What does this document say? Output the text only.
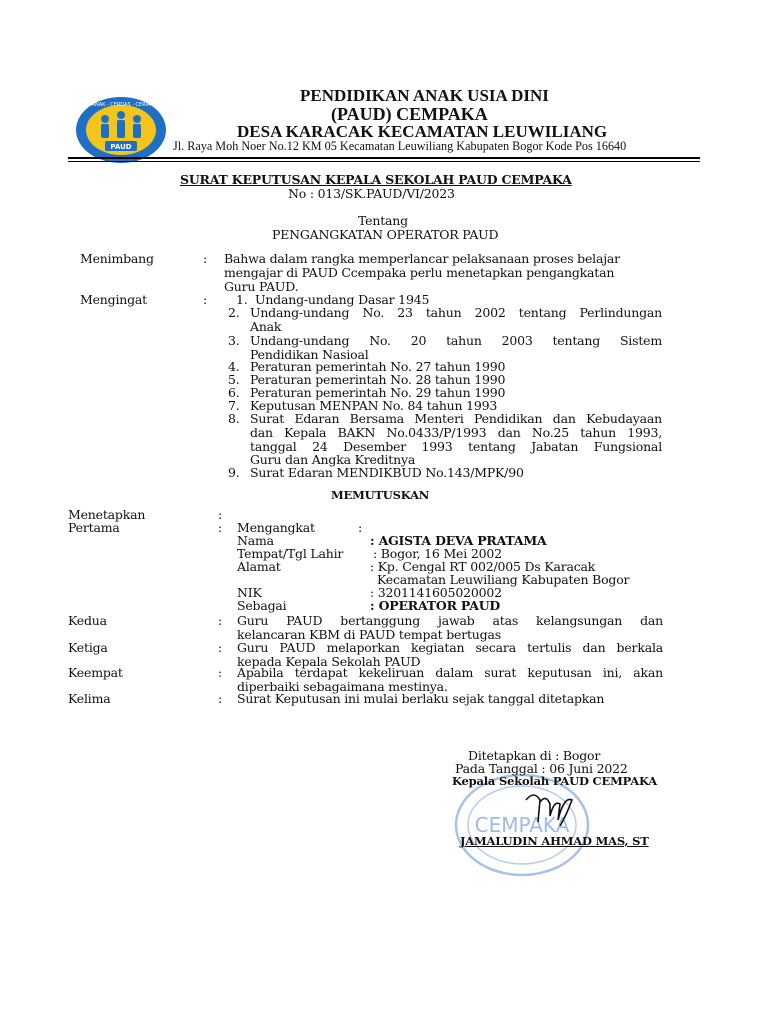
PAUD
ANAK · CERDAS · CERIA	PENDIDIKAN ANAK USIA DINI
(PAUD) CEMPAKA
DESA KARACAK KECAMATAN LEUWILIANG
Jl. Raya Moh Noer No.12 KM 05 Kecamatan Leuwiliang Kabupaten Bogor Kode Pos 16640
SURAT KEPUTUSAN KEPALA SEKOLAH PAUD CEMPAKA
No : 013/SK.PAUD/VI/2023
Tentang
PENGANGKATAN OPERATOR PAUD
Menimbang	: Bahwa dalam rangka memperlancar pelaksanaan proses belajar
mengajar di PAUD Ccempaka perlu menetapkan pengangkatan
Guru PAUD.
Mengingat	: 1. Undang-undang Dasar 1945
2. Undang-undang No. 23 tahun 2002 tentang Perlindungan
Anak
3. Undang-undang No. 20 tahun 2003 tentang Sistem
Pendidikan Nasioal
4. Peraturan pemerintah No. 27 tahun 1990
5. Peraturan pemerintah No. 28 tahun 1990
6. Peraturan pemerintah No. 29 tahun 1990
7. Keputusan MENPAN No. 84 tahun 1993
8. Surat Edaran Bersama Menteri Pendidikan dan Kebudayaan
dan Kepala BAKN No.0433/P/1993 dan No.25 tahun 1993,
tanggal 24 Desember 1993 tentang Jabatan Fungsional
Guru dan Angka Kreditnya
9. Surat Edaran MENDIKBUD No.143/MPK/90
MEMUTUSKAN
Menetapkan	:
Pertama	: Mengangkat	:
Nama	: AGISTA DEVA PRATAMA
Tempat/Tgl Lahir : Bogor, 16 Mei 2002
Alamat	: Kp. Cengal RT 002/005 Ds Karacak
Kecamatan Leuwiliang Kabupaten Bogor
NIK	: 3201141605020002
Sebagai	: OPERATOR PAUD
Kedua	: Guru PAUD bertanggung jawab atas kelangsungan dan
kelancaran KBM di PAUD tempat bertugas
Ketiga	: Guru PAUD melaporkan kegiatan secara tertulis dan berkala
kepada Kepala Sekolah PAUD
Keempat	: Apabila terdapat kekeliruan dalam surat keputusan ini, akan
diperbaiki sebagaimana mestinya.
Kelima	: Surat Keputusan ini mulai berlaku sejak tanggal ditetapkan
CEMPAKA
Ditetapkan di : Bogor
Pada Tanggal : 06 Juni 2022
Kepala Sekolah PAUD CEMPAKA
JAMALUDIN AHMAD MAS, ST
